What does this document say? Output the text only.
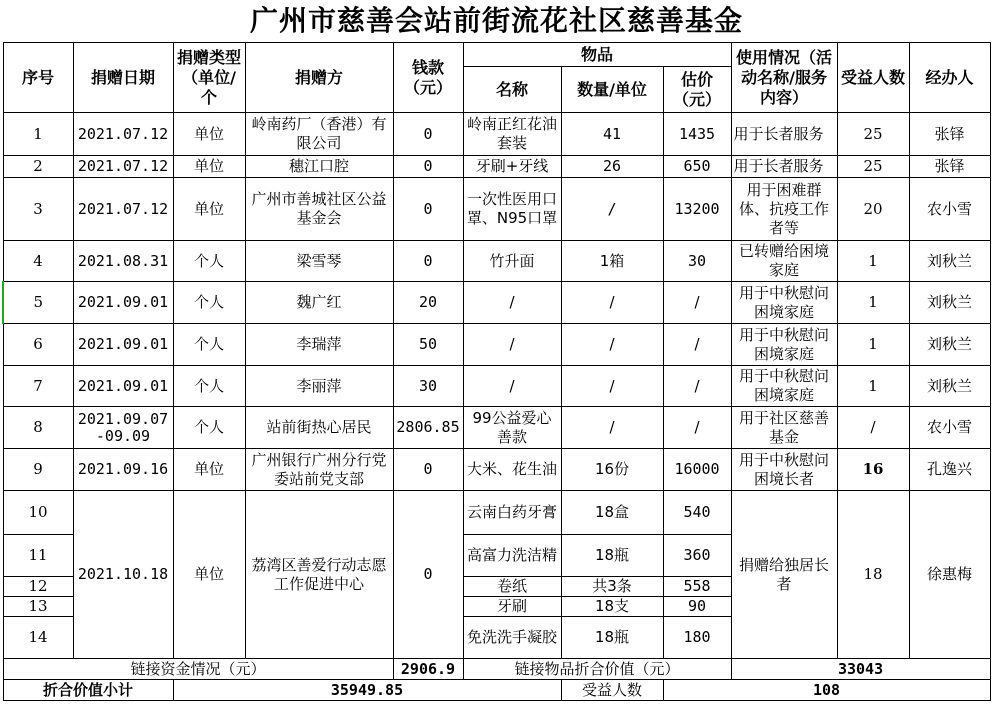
广州市慈善会站前街流花社区慈善基金
序号	捐赠日期	捐赠类型（单位/个	捐赠方	钱款（元）	物品			使用情况（活动名称/服务内容）	受益人数	经办人
					名称	数量/单位	估价（元）			
1	2021.07.12	单位	岭南药厂（香港）有限公司	0	岭南正红花油套装	41	1435	用于长者服务	25	张铎
2	2021.07.12	单位	穗江口腔	0	牙刷+牙线	26	650	用于长者服务	25	张铎
3	2021.07.12	单位	广州市善城社区公益基金会	0	一次性医用口罩、N95口罩	/	13200	用于困难群体、抗疫工作者等	20	农小雪
4	2021.08.31	个人	梁雪琴	0	竹升面	1箱	30	已转赠给困境家庭	1	刘秋兰
5	2021.09.01	个人	魏广红	20	/	/	/	用于中秋慰问困境家庭	1	刘秋兰
6	2021.09.01	个人	李瑞萍	50	/	/	/	用于中秋慰问困境家庭	1	刘秋兰
7	2021.09.01	个人	李丽萍	30	/	/	/	用于中秋慰问困境家庭	1	刘秋兰
8	2021.09.07-09.09	个人	站前街热心居民	2806.85	99公益爱心善款	/	/	用于社区慈善基金	/	农小雪
9	2021.09.16	单位	广州银行广州分行党委站前党支部	0	大米、花生油	16份	16000	用于中秋慰问困境长者	16	孔逸兴
10	2021.10.18	单位	荔湾区善爱行动志愿工作促进中心	0	云南白药牙膏	18盒	540	捐赠给独居长者	18	徐惠梅
11					高富力洗洁精	18瓶	360			
12					卷纸	共3条	558			
13					牙刷	18支	90			
14					免洗洗手凝胶	18瓶	180			
链接资金情况（元）				2906.9	链接物品折合价值（元）			33043		
折合价值小计		35949.85				受益人数	108			
